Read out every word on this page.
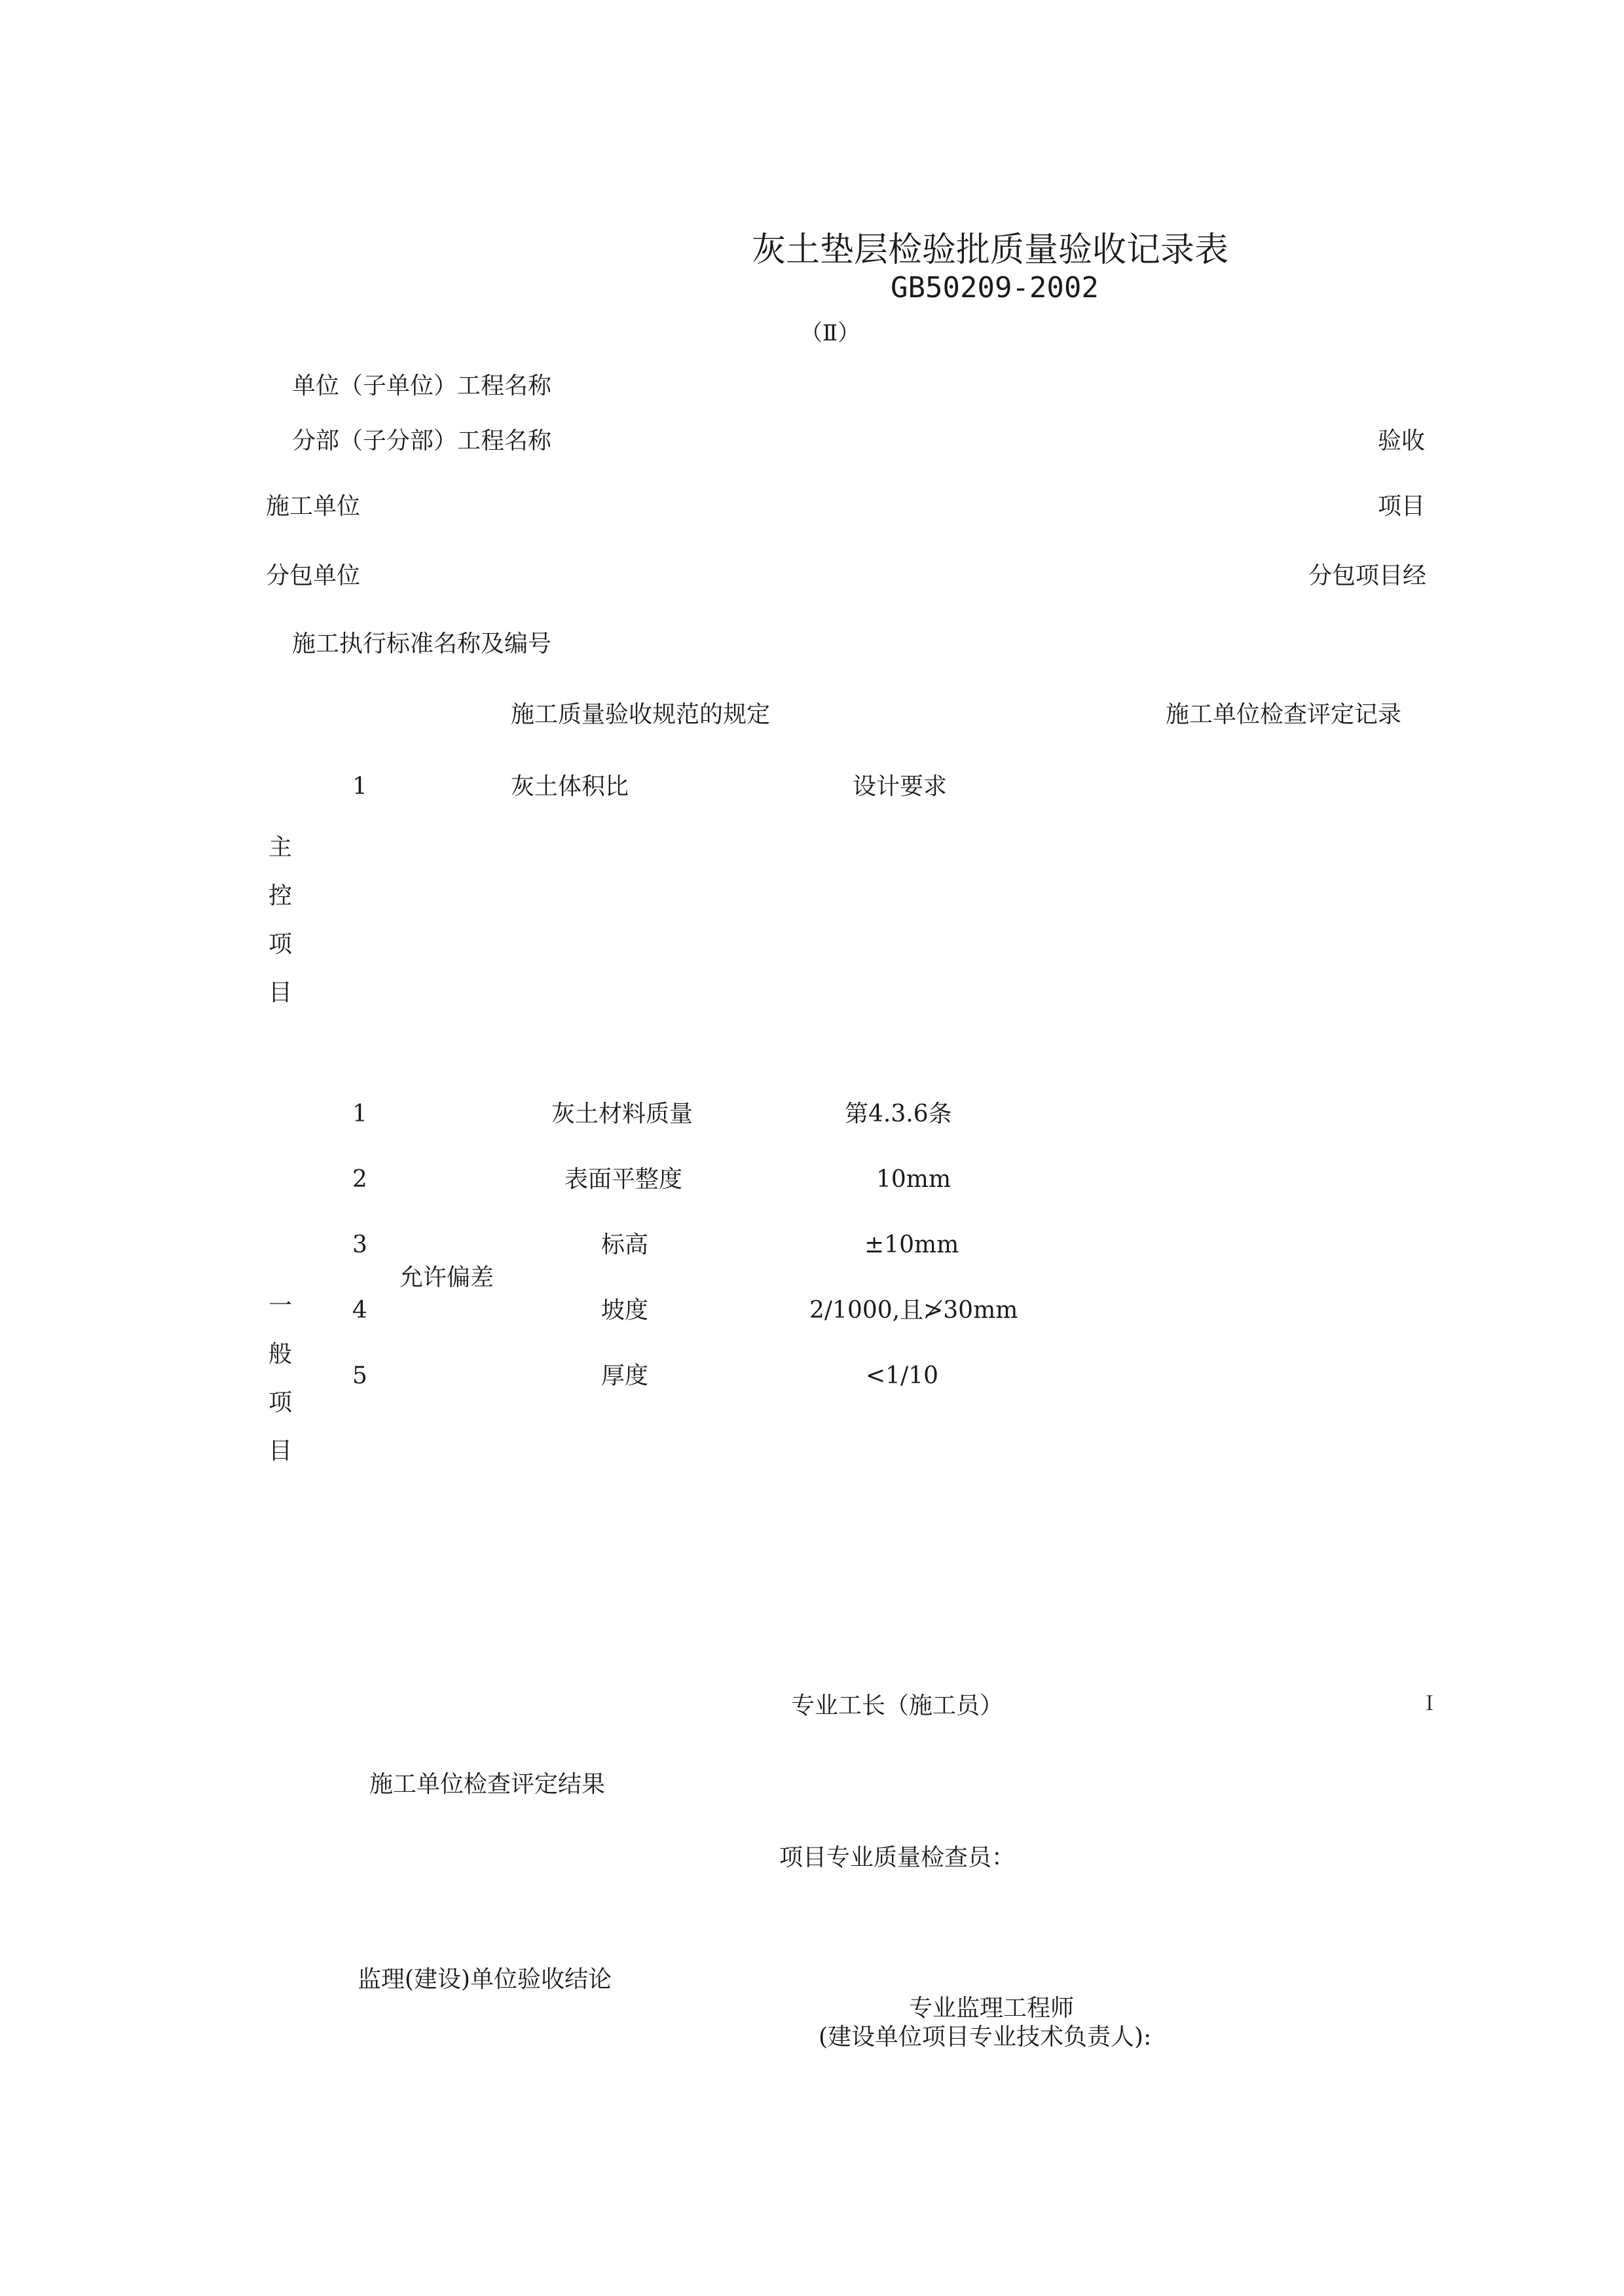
灰土垫层检验批质量验收记录表
GB50209-2002
（Ⅱ）
单位（子单位）工程名称
分部（子分部）工程名称	验收
施工单位	项目
分包单位	分包项目经
施工执行标准名称及编号
施工质量验收规范的规定	施工单位检查评定记录
1	灰土体积比	设计要求
主
控
项
目
1	灰土材料质量	第4.3.6条
2	表面平整度	10mm
3	标高	±10mm
允许偏差
4	坡度	2/1000,且≯30mm
5	厚度	<1/10
一
般
项
目
专业工长（施工员）	Ｉ
施工单位检查评定结果
项目专业质量检查员：
监理(建设)单位验收结论
专业监理工程师
(建设单位项目专业技术负责人):
